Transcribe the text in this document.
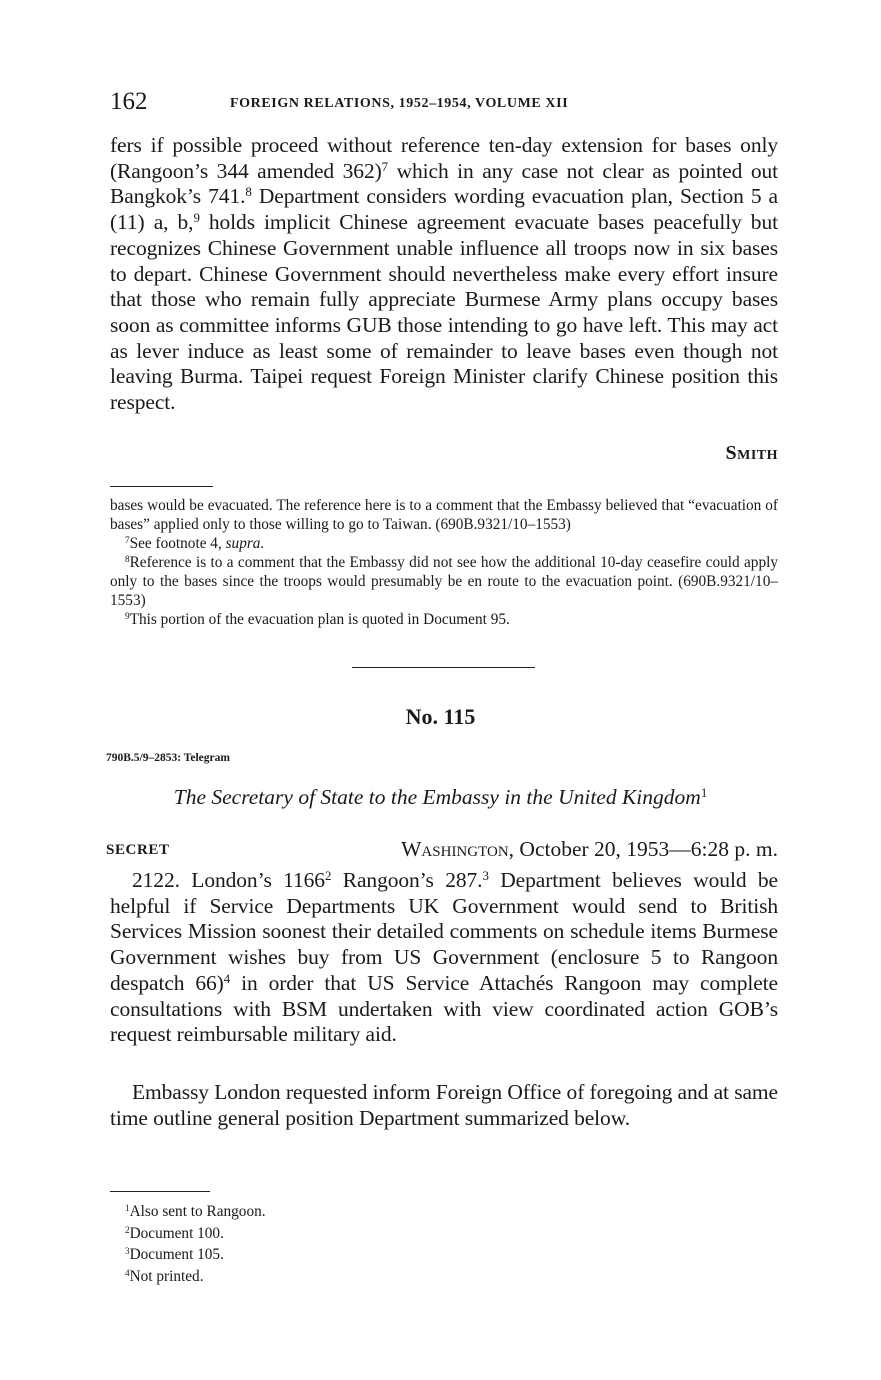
162	FOREIGN RELATIONS, 1952–1954, VOLUME XII

fers if possible proceed without reference ten-day extension for bases only (Rangoon’s 344 amended 362)$^7$ which in any case not clear as pointed out Bangkok’s 741.$^8$ Department considers wording evacuation plan, Section 5 a (11) a, b,$^9$ holds implicit Chinese agreement evacuate bases peacefully but recognizes Chinese Government unable influence all troops now in six bases to depart. Chinese Government should nevertheless make every effort insure that those who remain fully appreciate Burmese Army plans occupy bases soon as committee informs GUB those intending to go have left. This may act as lever induce as least some of remainder to leave bases even though not leaving Burma. Taipei request Foreign Minister clarify Chinese position this respect.

Smith

bases would be evacuated. The reference here is to a comment that the Embassy believed that “evacuation of bases” applied only to those willing to go to Taiwan. (690B.9321/10–1553)

$^7$See footnote 4, supra.

$^8$Reference is to a comment that the Embassy did not see how the additional 10-day ceasefire could apply only to the bases since the troops would presumably be en route to the evacuation point. (690B.9321/10–1553)

$^9$This portion of the evacuation plan is quoted in Document 95.

No. 115
790B.5/9–2853: Telegram
The Secretary of State to the Embassy in the United Kingdom$^1$
SECRET	Washington, October 20, 1953—6:28 p. m.

2122. London’s 1166$^2$ Rangoon’s 287.$^3$ Department believes would be helpful if Service Departments UK Government would send to British Services Mission soonest their detailed comments on schedule items Burmese Government wishes buy from US Government (enclosure 5 to Rangoon despatch 66)$^4$ in order that US Service Attachés Rangoon may complete consultations with BSM undertaken with view coordinated action GOB’s request reimbursable military aid.

Embassy London requested inform Foreign Office of foregoing and at same time outline general position Department summarized below.

$^1$Also sent to Rangoon.

$^2$Document 100.

$^3$Document 105.

$^4$Not printed.
